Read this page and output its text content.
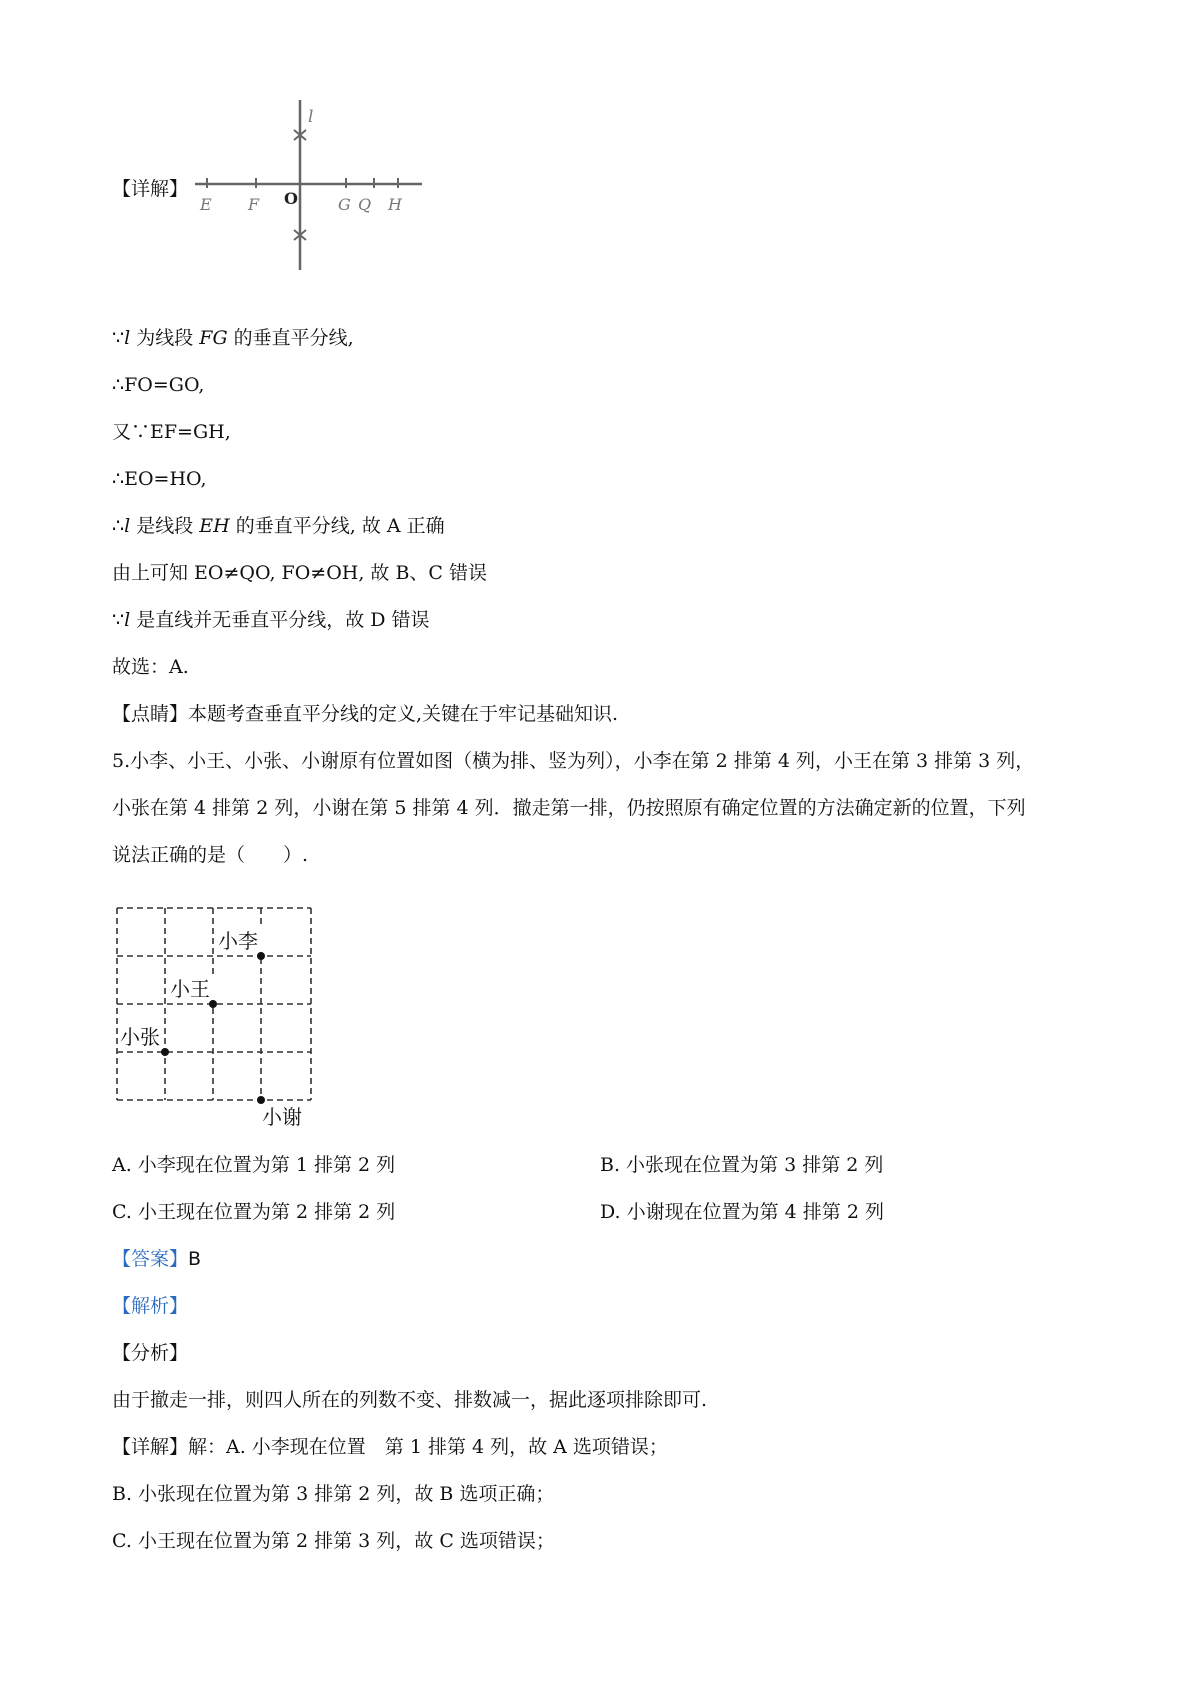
【详解】
l
O
E F	G Q H
∵l 为线段 FG 的垂直平分线,
∴FO=GO,
又∵EF=GH,
∴EO=HO,
∴l 是线段 EH 的垂直平分线, 故 A 正确
由上可知 EO≠QO, FO≠OH, 故 B、C 错误
∵l 是直线并无垂直平分线，故 D 错误
故选：A.
【点睛】本题考查垂直平分线的定义,关键在于牢记基础知识.
5.小李、小王、小张、小谢原有位置如图（横为排、竖为列），小李在第 2 排第 4 列，小王在第 3 排第 3 列，
小张在第 4 排第 2 列，小谢在第 5 排第 4 列．撤走第一排，仍按照原有确定位置的方法确定新的位置，下列
说法正确的是（　　）.
小李
小王
小张
小谢
A. 小李现在位置为第 1 排第 2 列	B. 小张现在位置为第 3 排第 2 列
C. 小王现在位置为第 2 排第 2 列	D. 小谢现在位置为第 4 排第 2 列
【答案】B
【解析】
【分析】
由于撤走一排，则四人所在的列数不变、排数减一，据此逐项排除即可.
【详解】解：A. 小李现在位置　第 1 排第 4 列，故 A 选项错误；
B. 小张现在位置为第 3 排第 2 列，故 B 选项正确；
C. 小王现在位置为第 2 排第 3 列，故 C 选项错误；
